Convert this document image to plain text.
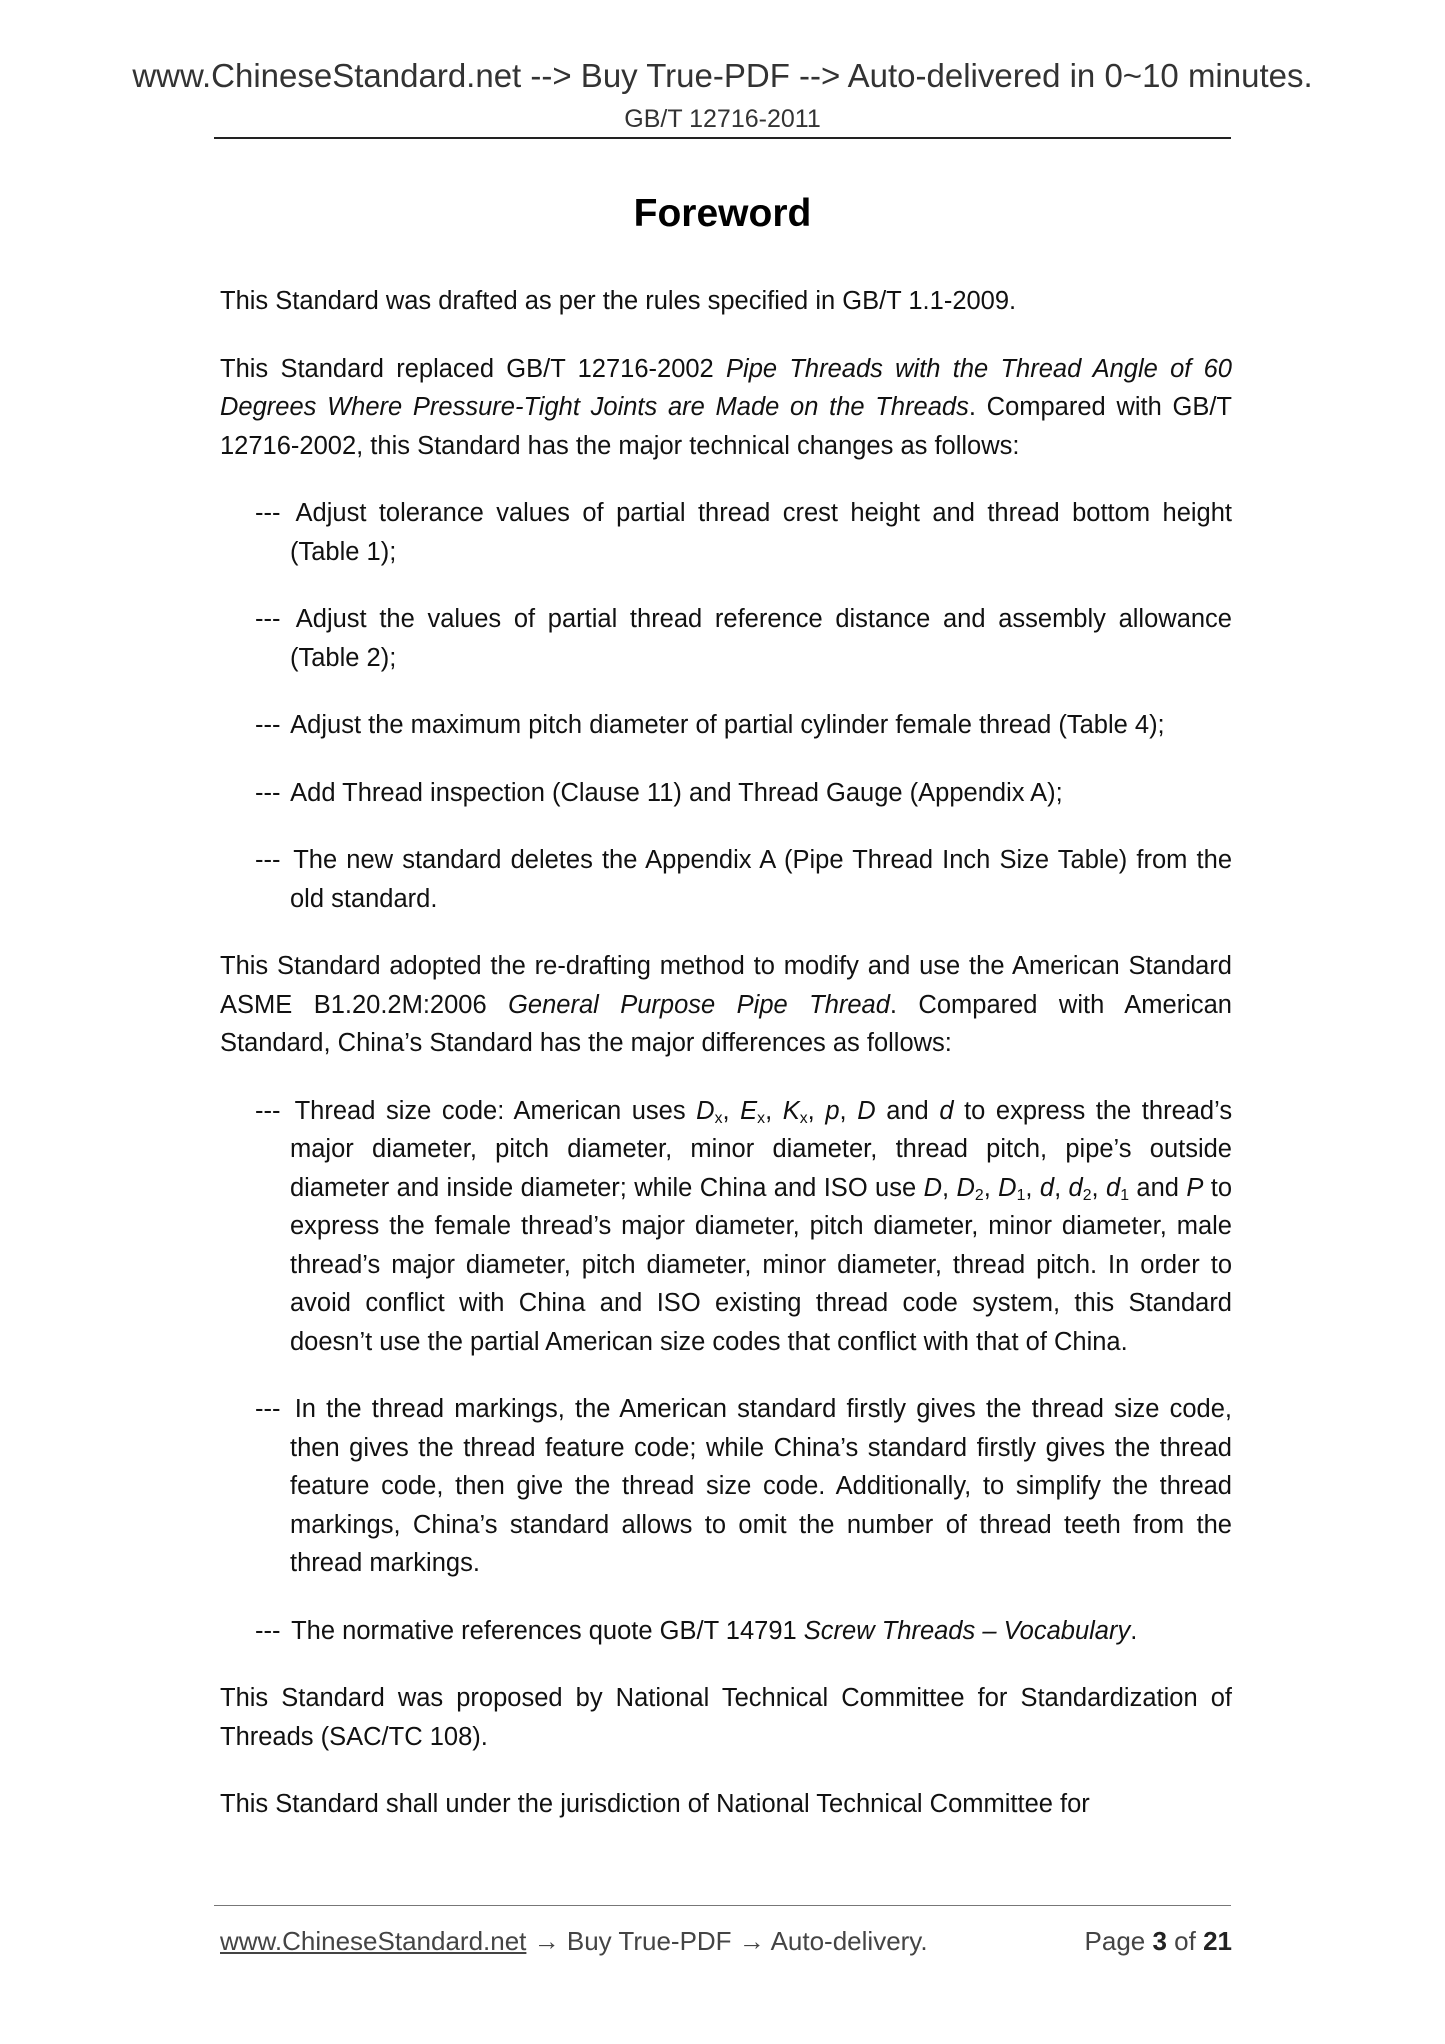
www.ChineseStandard.net --> Buy True-PDF --> Auto-delivered in 0~10 minutes.
GB/T 12716-2011
Foreword

This Standard was drafted as per the rules specified in GB/T 1.1-2009.

This Standard replaced GB/T 12716-2002 Pipe Threads with the Thread Angle of 60 Degrees Where Pressure-Tight Joints are Made on the Threads. Compared with GB/T 12716-2002, this Standard has the major technical changes as follows:

--- Adjust tolerance values of partial thread crest height and thread bottom height (Table 1);
--- Adjust the values of partial thread reference distance and assembly allowance (Table 2);
--- Adjust the maximum pitch diameter of partial cylinder female thread (Table 4);
--- Add Thread inspection (Clause 11) and Thread Gauge (Appendix A);
--- The new standard deletes the Appendix A (Pipe Thread Inch Size Table) from the old standard.

This Standard adopted the re-drafting method to modify and use the American Standard ASME B1.20.2M:2006 General Purpose Pipe Thread. Compared with American Standard, China’s Standard has the major differences as follows:

--- Thread size code: American uses $D_x$, $E_x$, $K_x$, p, D and d to express the thread’s major diameter, pitch diameter, minor diameter, thread pitch, pipe’s outside diameter and inside diameter; while China and ISO use D, $D_2$, $D_1$, d, $d_2$, $d_1$ and P to express the female thread’s major diameter, pitch diameter, minor diameter, male thread’s major diameter, pitch diameter, minor diameter, thread pitch. In order to avoid conflict with China and ISO existing thread code system, this Standard doesn’t use the partial American size codes that conflict with that of China.
--- In the thread markings, the American standard firstly gives the thread size code, then gives the thread feature code; while China’s standard firstly gives the thread feature code, then give the thread size code. Additionally, to simplify the thread markings, China’s standard allows to omit the number of thread teeth from the thread markings.
--- The normative references quote GB/T 14791 Screw Threads – Vocabulary.

This Standard was proposed by National Technical Committee for Standardization of Threads (SAC/TC 108).

This Standard shall under the jurisdiction of National Technical Committee for

www.ChineseStandard.net → Buy True-PDF → Auto-delivery.	Page 3 of 21
